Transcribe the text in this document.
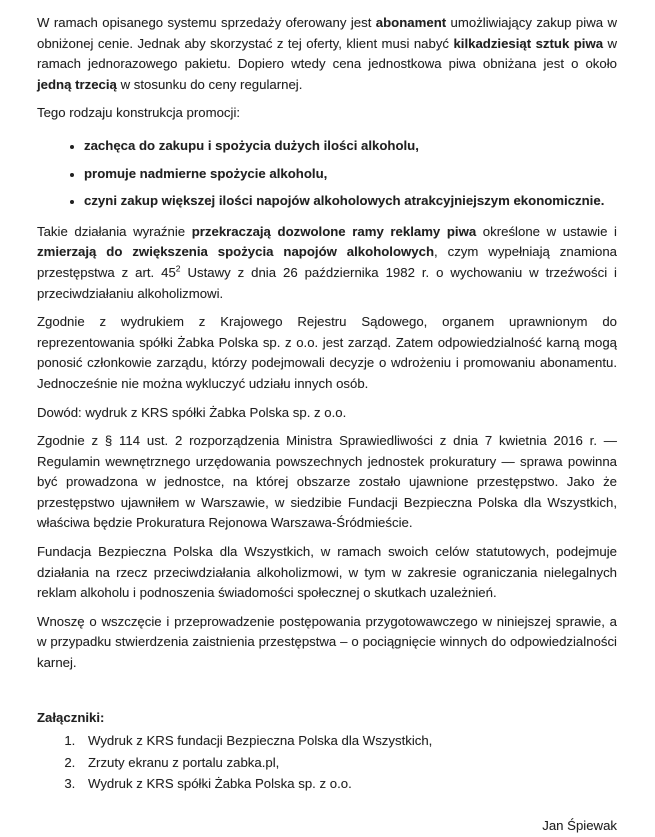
W ramach opisanego systemu sprzedaży oferowany jest abonament umożliwiający zakup piwa w obniżonej cenie. Jednak aby skorzystać z tej oferty, klient musi nabyć kilkadziesiąt sztuk piwa w ramach jednorazowego pakietu. Dopiero wtedy cena jednostkowa piwa obniżana jest o około jedną trzecią w stosunku do ceny regularnej.

Tego rodzaju konstrukcja promocji:

• zachęca do zakupu i spożycia dużych ilości alkoholu,
• promuje nadmierne spożycie alkoholu,
• czyni zakup większej ilości napojów alkoholowych atrakcyjniejszym ekonomicznie.

Takie działania wyraźnie przekraczają dozwolone ramy reklamy piwa określone w ustawie i zmierzają do zwiększenia spożycia napojów alkoholowych, czym wypełniają znamiona przestępstwa z art. $45^2$ Ustawy z dnia 26 października 1982 r. o wychowaniu w trzeźwości i przeciwdziałaniu alkoholizmowi.

Zgodnie z wydrukiem z Krajowego Rejestru Sądowego, organem uprawnionym do reprezentowania spółki Żabka Polska sp. z o.o. jest zarząd. Zatem odpowiedzialność karną mogą ponosić członkowie zarządu, którzy podejmowali decyzje o wdrożeniu i promowaniu abonamentu. Jednocześnie nie można wykluczyć udziału innych osób.

Dowód: wydruk z KRS spółki Żabka Polska sp. z o.o.

Zgodnie z § 114 ust. 2 rozporządzenia Ministra Sprawiedliwości z dnia 7 kwietnia 2016 r. — Regulamin wewnętrznego urzędowania powszechnych jednostek prokuratury — sprawa powinna być prowadzona w jednostce, na której obszarze zostało ujawnione przestępstwo. Jako że przestępstwo ujawniłem w Warszawie, w siedzibie Fundacji Bezpieczna Polska dla Wszystkich, właściwa będzie Prokuratura Rejonowa Warszawa-Śródmieście.

Fundacja Bezpieczna Polska dla Wszystkich, w ramach swoich celów statutowych, podejmuje działania na rzecz przeciwdziałania alkoholizmowi, w tym w zakresie ograniczania nielegalnych reklam alkoholu i podnoszenia świadomości społecznej o skutkach uzależnień.

Wnoszę o wszczęcie i przeprowadzenie postępowania przygotowawczego w niniejszej sprawie, a w przypadku stwierdzenia zaistnienia przestępstwa – o pociągnięcie winnych do odpowiedzialności karnej.

Załączniki:

1. Wydruk z KRS fundacji Bezpieczna Polska dla Wszystkich,
2. Zrzuty ekranu z portalu zabka.pl,
3. Wydruk z KRS spółki Żabka Polska sp. z o.o.

Jan Śpiewak
